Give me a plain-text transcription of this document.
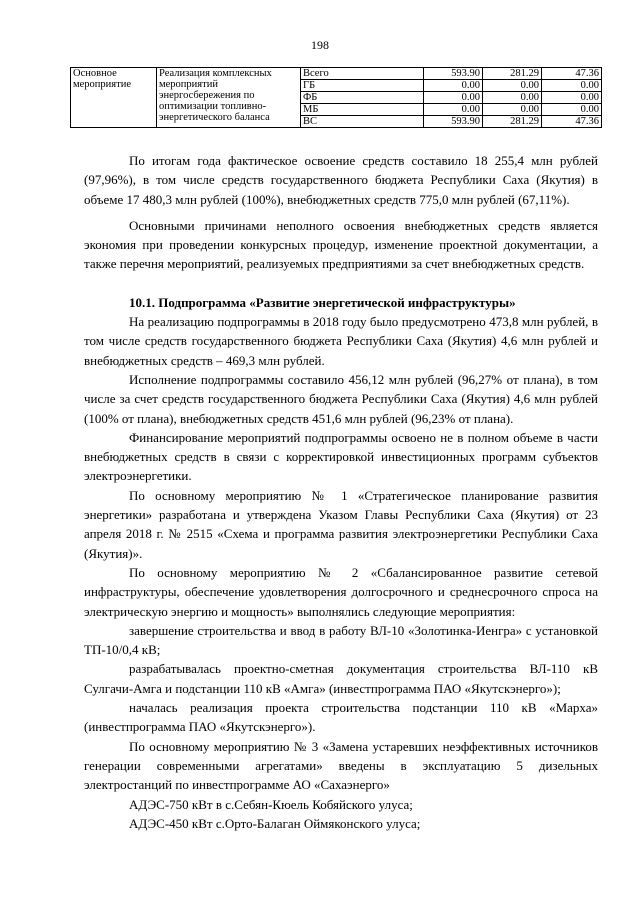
198
Основное мероприятие	Реализация комплексных мероприятий энергосбережения по оптимизации топливно-энергетического баланса	Всего	593.90	281.29	47.36
		ГБ	0.00	0.00	0.00
		ФБ	0.00	0.00	0.00
		МБ	0.00	0.00	0.00
		ВС	593.90	281.29	47.36

По итогам года фактическое освоение средств составило 18 255,4 млн рублей (97,96%), в том числе средств государственного бюджета Республики Саха (Якутия) в объеме 17 480,3 млн рублей (100%), внебюджетных средств 775,0 млн рублей (67,11%).

Основными причинами неполного освоения внебюджетных средств является экономия при проведении конкурсных процедур, изменение проектной документации, а также перечня мероприятий, реализуемых предприятиями за счет внебюджетных средств.

10.1. Подпрограмма «Развитие энергетической инфраструктуры»

На реализацию подпрограммы в 2018 году было предусмотрено 473,8 млн рублей, в том числе средств государственного бюджета Республики Саха (Якутия) 4,6 млн рублей и внебюджетных средств – 469,3 млн рублей.

Исполнение подпрограммы составило 456,12 млн рублей (96,27% от плана), в том числе за счет средств государственного бюджета Республики Саха (Якутия) 4,6 млн рублей (100% от плана), внебюджетных средств 451,6 млн рублей (96,23% от плана).

Финансирование мероприятий подпрограммы освоено не в полном объеме в части внебюджетных средств в связи с корректировкой инвестиционных программ субъектов электроэнергетики.

По основному мероприятию № 1 «Стратегическое планирование развития энергетики» разработана и утверждена Указом Главы Республики Саха (Якутия) от 23 апреля 2018 г. № 2515 «Схема и программа развития электроэнергетики Республики Саха (Якутия)».

По основному мероприятию № 2 «Сбалансированное развитие сетевой инфраструктуры, обеспечение удовлетворения долгосрочного и среднесрочного спроса на электрическую энергию и мощность» выполнялись следующие мероприятия:

завершение строительства и ввод в работу ВЛ-10 «Золотинка-Иенгра» с установкой ТП-10/0,4 кВ;

разрабатывалась проектно-сметная документация строительства ВЛ-110 кВ Сулгачи-Амга и подстанции 110 кВ «Амга» (инвестпрограмма ПАО «Якутскэнерго»);

началась реализация проекта строительства подстанции 110 кВ «Марха» (инвестпрограмма ПАО «Якутскэнерго»).

По основному мероприятию № 3 «Замена устаревших неэффективных источников генерации современными агрегатами» введены в эксплуатацию 5 дизельных электростанций по инвестпрограмме АО «Сахаэнерго»

АДЭС-750 кВт в с.Себян-Кюель Кобяйского улуса;

АДЭС-450 кВт с.Орто-Балаган Оймяконского улуса;
